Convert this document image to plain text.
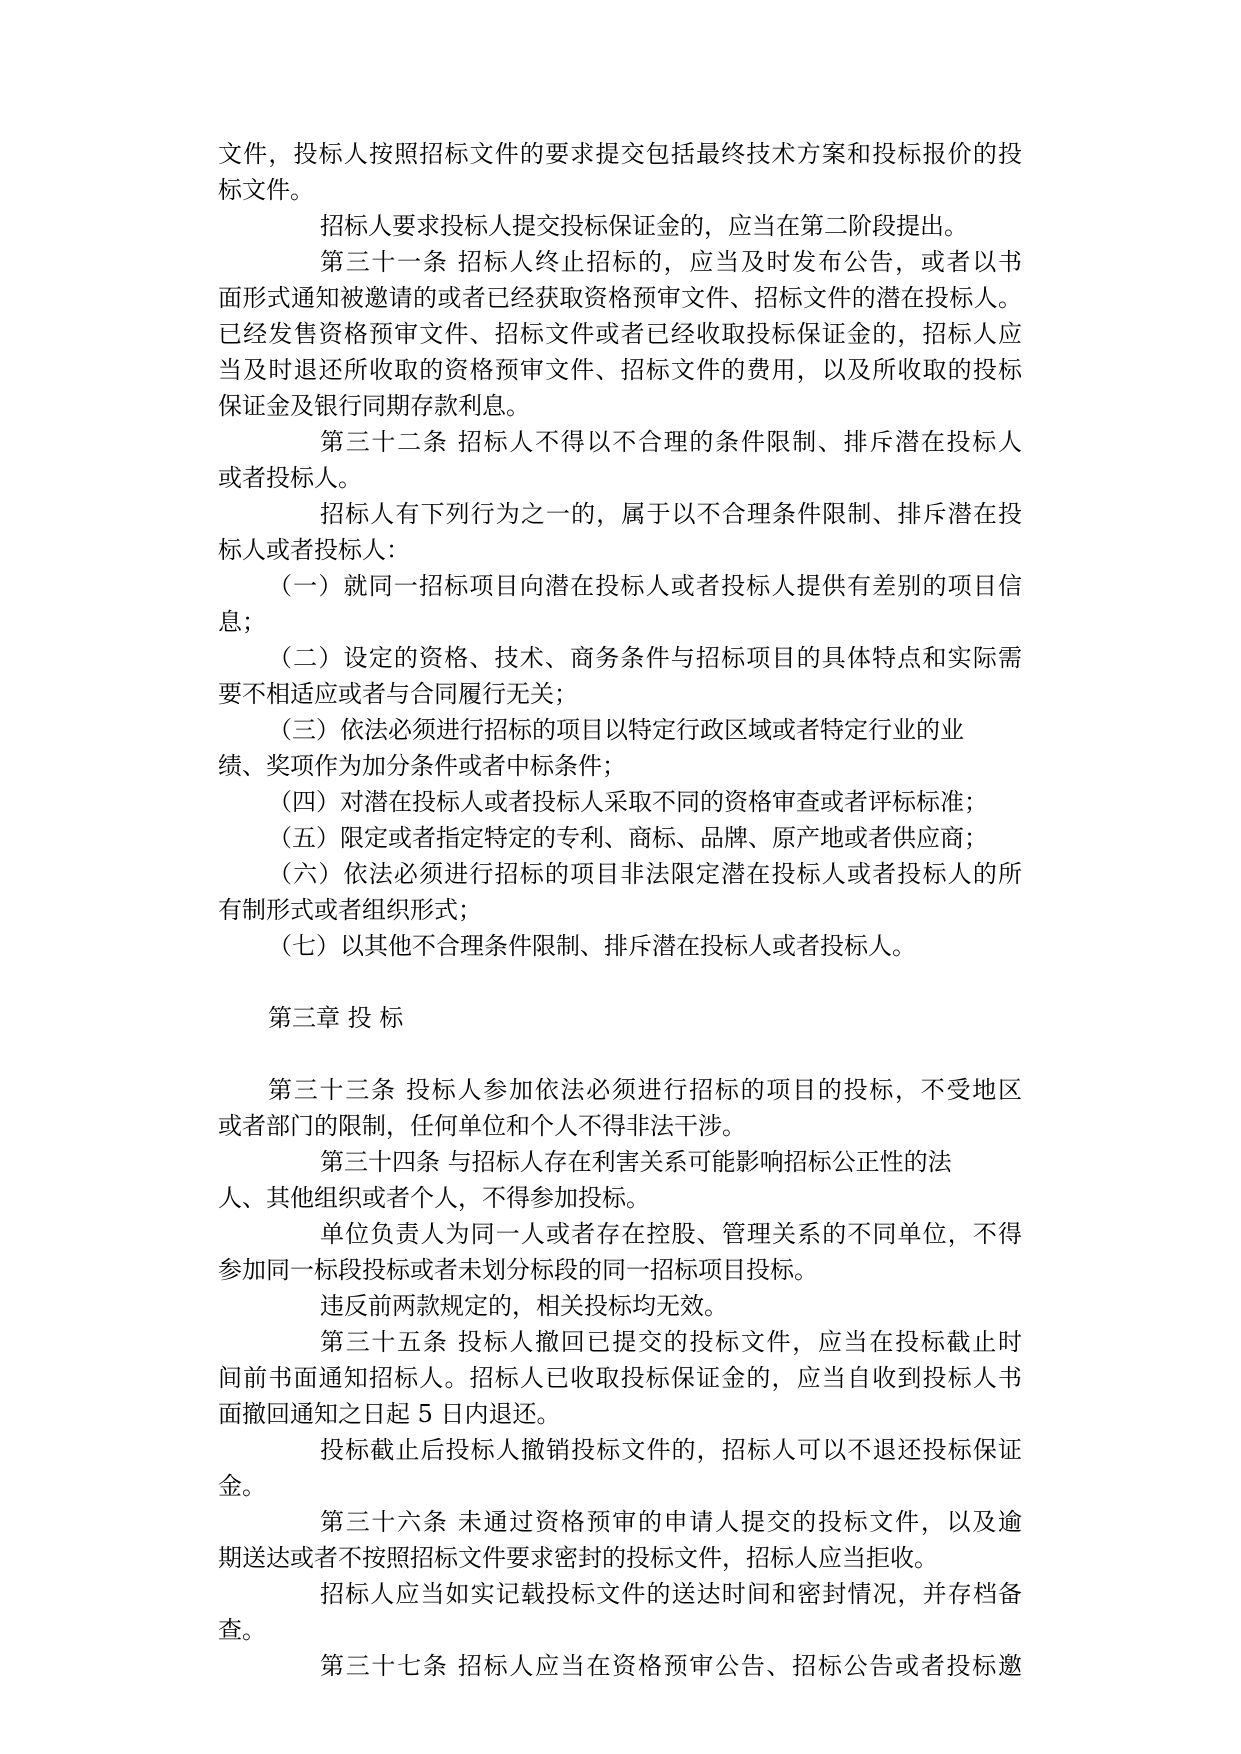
文件，投标人按照招标文件的要求提交包括最终技术方案和投标报价的投
标文件。
招标人要求投标人提交投标保证金的，应当在第二阶段提出。
第三十一条 招标人终止招标的，应当及时发布公告，或者以书
面形式通知被邀请的或者已经获取资格预审文件、招标文件的潜在投标人。
已经发售资格预审文件、招标文件或者已经收取投标保证金的，招标人应
当及时退还所收取的资格预审文件、招标文件的费用，以及所收取的投标
保证金及银行同期存款利息。
第三十二条 招标人不得以不合理的条件限制、排斥潜在投标人
或者投标人。
招标人有下列行为之一的，属于以不合理条件限制、排斥潜在投
标人或者投标人：
（一）就同一招标项目向潜在投标人或者投标人提供有差别的项目信
息；
（二）设定的资格、技术、商务条件与招标项目的具体特点和实际需
要不相适应或者与合同履行无关；
（三）依法必须进行招标的项目以特定行政区域或者特定行业的业
绩、奖项作为加分条件或者中标条件；
（四）对潜在投标人或者投标人采取不同的资格审查或者评标标准；
（五）限定或者指定特定的专利、商标、品牌、原产地或者供应商；
（六）依法必须进行招标的项目非法限定潜在投标人或者投标人的所
有制形式或者组织形式；
（七）以其他不合理条件限制、排斥潜在投标人或者投标人。
第三章 投 标
第三十三条 投标人参加依法必须进行招标的项目的投标，不受地区
或者部门的限制，任何单位和个人不得非法干涉。
第三十四条 与招标人存在利害关系可能影响招标公正性的法
人、其他组织或者个人，不得参加投标。
单位负责人为同一人或者存在控股、管理关系的不同单位，不得
参加同一标段投标或者未划分标段的同一招标项目投标。
违反前两款规定的，相关投标均无效。
第三十五条 投标人撤回已提交的投标文件，应当在投标截止时
间前书面通知招标人。招标人已收取投标保证金的，应当自收到投标人书
面撤回通知之日起 5 日内退还。
投标截止后投标人撤销投标文件的，招标人可以不退还投标保证
金。
第三十六条 未通过资格预审的申请人提交的投标文件，以及逾
期送达或者不按照招标文件要求密封的投标文件，招标人应当拒收。
招标人应当如实记载投标文件的送达时间和密封情况，并存档备
查。
第三十七条 招标人应当在资格预审公告、招标公告或者投标邀
